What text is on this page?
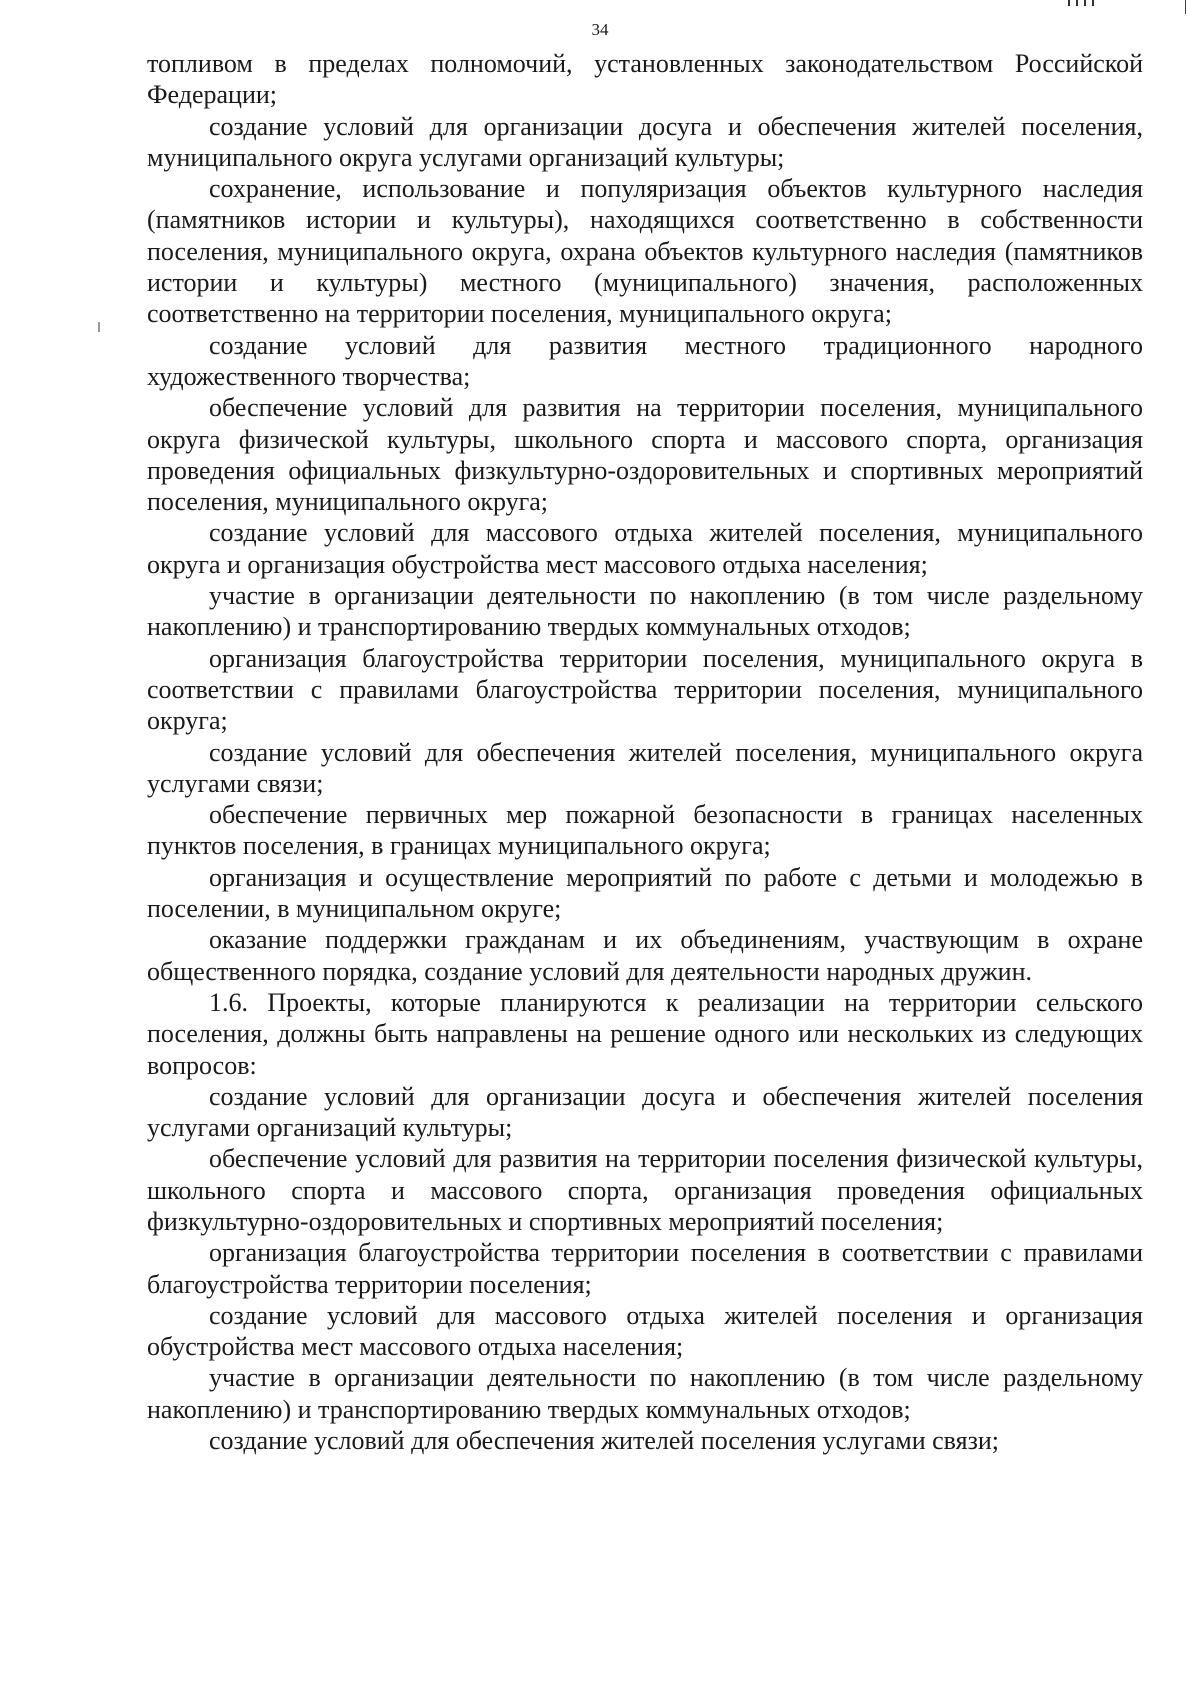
34

топливом в пределах полномочий, установленных законодательством Российской Федерации;

создание условий для организации досуга и обеспечения жителей поселения, муниципального округа услугами организаций культуры;

сохранение, использование и популяризация объектов культурного наследия (памятников истории и культуры), находящихся соответственно в собственности поселения, муниципального округа, охрана объектов культурного наследия (памятников истории и культуры) местного (муниципального) значения, расположенных соответственно на территории поселения, муниципального округа;

создание условий для развития местного традиционного народного художественного творчества;

обеспечение условий для развития на территории поселения, муниципального округа физической культуры, школьного спорта и массового спорта, организация проведения официальных физкультурно-оздоровительных и спортивных мероприятий поселения, муниципального округа;

создание условий для массового отдыха жителей поселения, муниципального округа и организация обустройства мест массового отдыха населения;

участие в организации деятельности по накоплению (в том числе раздельному накоплению) и транспортированию твердых коммунальных отходов;

организация благоустройства территории поселения, муниципального округа в соответствии с правилами благоустройства территории поселения, муниципального округа;

создание условий для обеспечения жителей поселения, муниципального округа услугами связи;

обеспечение первичных мер пожарной безопасности в границах населенных пунктов поселения, в границах муниципального округа;

организация и осуществление мероприятий по работе с детьми и молодежью в поселении, в муниципальном округе;

оказание поддержки гражданам и их объединениям, участвующим в охране общественного порядка, создание условий для деятельности народных дружин.

1.6. Проекты, которые планируются к реализации на территории сельского поселения, должны быть направлены на решение одного или нескольких из следующих вопросов:

создание условий для организации досуга и обеспечения жителей поселения услугами организаций культуры;

обеспечение условий для развития на территории поселения физической культуры, школьного спорта и массового спорта, организация проведения официальных физкультурно-оздоровительных и спортивных мероприятий поселения;

организация благоустройства территории поселения в соответствии с правилами благоустройства территории поселения;

создание условий для массового отдыха жителей поселения и организация обустройства мест массового отдыха населения;

участие в организации деятельности по накоплению (в том числе раздельному накоплению) и транспортированию твердых коммунальных отходов;

создание условий для обеспечения жителей поселения услугами связи;
